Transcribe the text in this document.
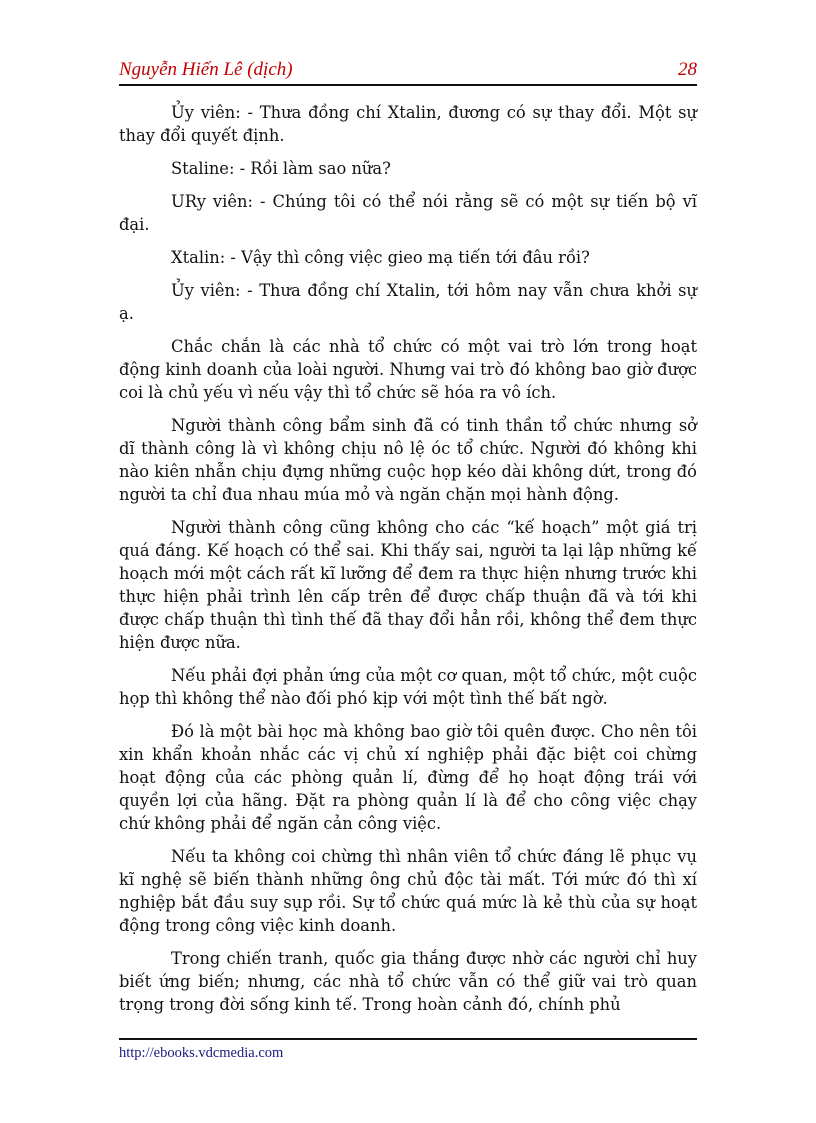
Nguyễn Hiến Lê (dịch)	28

Ủy viên: - Thưa đồng chí Xtalin, đương có sự thay đổi. Một sự thay đổi quyết định.

Staline: - Rồi làm sao nữa?

URy viên: - Chúng tôi có thể nói rằng sẽ có một sự tiến bộ vĩ đại.

Xtalin: - Vậy thì công việc gieo mạ tiến tới đâu rồi?

Ủy viên: - Thưa đồng chí Xtalin, tới hôm nay vẫn chưa khởi sự ạ.

Chắc chắn là các nhà tổ chức có một vai trò lớn trong hoạt động kinh doanh của loài người. Nhưng vai trò đó không bao giờ được coi là chủ yếu vì nếu vậy thì tổ chức sẽ hóa ra vô ích.

Người thành công bẩm sinh đã có tinh thần tổ chức nhưng sở dĩ thành công là vì không chịu nô lệ óc tổ chức. Người đó không khi nào kiên nhẫn chịu đựng những cuộc họp kéo dài không dứt, trong đó người ta chỉ đua nhau múa mỏ và ngăn chặn mọi hành động.

Người thành công cũng không cho các “kế hoạch” một giá trị quá đáng. Kế hoạch có thể sai. Khi thấy sai, người ta lại lập những kế hoạch mới một cách rất kĩ lưỡng để đem ra thực hiện nhưng trước khi thực hiện phải trình lên cấp trên để được chấp thuận đã và tới khi được chấp thuận thì tình thế đã thay đổi hẳn rồi, không thể đem thực hiện được nữa.

Nếu phải đợi phản ứng của một cơ quan, một tổ chức, một cuộc họp thì không thể nào đối phó kịp với một tình thế bất ngờ.

Đó là một bài học mà không bao giờ tôi quên được. Cho nên tôi xin khẩn khoản nhắc các vị chủ xí nghiệp phải đặc biệt coi chừng hoạt động của các phòng quản lí, đừng để họ hoạt động trái với quyền lợi của hãng. Đặt ra phòng quản lí là để cho công việc chạy chứ không phải để ngăn cản công việc.

Nếu ta không coi chừng thì nhân viên tổ chức đáng lẽ phục vụ kĩ nghệ sẽ biến thành những ông chủ độc tài mất. Tới mức đó thì xí nghiệp bắt đầu suy sụp rồi. Sự tổ chức quá mức là kẻ thù của sự hoạt động trong công việc kinh doanh.

Trong chiến tranh, quốc gia thắng được nhờ các người chỉ huy biết ứng biến; nhưng, các nhà tổ chức vẫn có thể giữ vai trò quan trọng trong đời sống kinh tế. Trong hoàn cảnh đó, chính phủ

http://ebooks.vdcmedia.com
